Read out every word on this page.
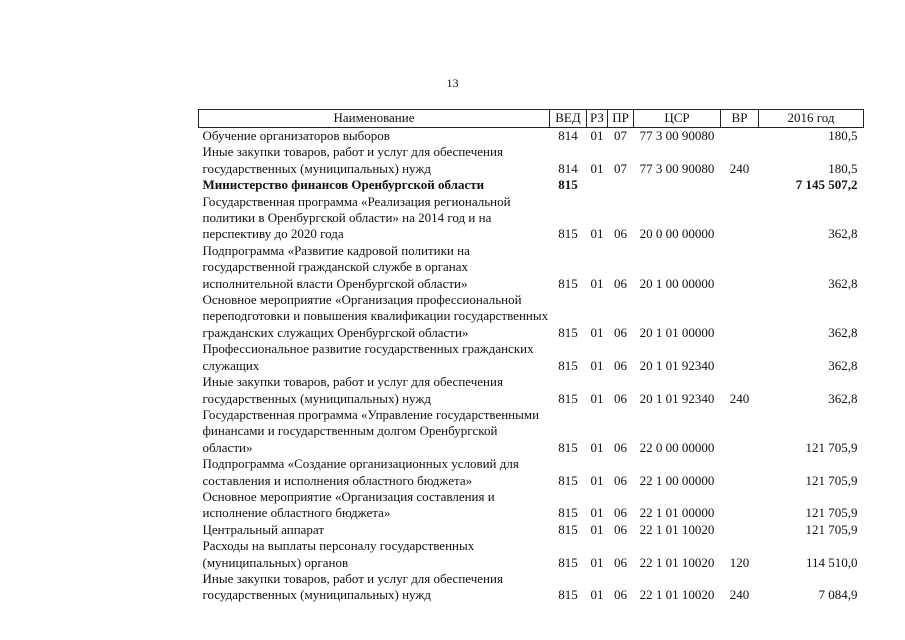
13
Наименование	ВЕД	РЗ	ПР	ЦСР	ВР	2016 год
Обучение организаторов выборов	814	01	07	77 3 00 90080		180,5
Иные закупки товаров, работ и услуг для обеспечения государственных (муниципальных) нужд	814	01	07	77 3 00 90080	240	180,5
Министерство финансов Оренбургской области	815					7 145 507,2
Государственная программа «Реализация региональной политики в Оренбургской области» на 2014 год и на перспективу до 2020 года	815	01	06	20 0 00 00000		362,8
Подпрограмма «Развитие кадровой политики на государственной гражданской службе в органах исполнительной власти Оренбургской области»	815	01	06	20 1 00 00000		362,8
Основное мероприятие «Организация профессиональной переподготовки и повышения квалификации государственных гражданских служащих Оренбургской области»	815	01	06	20 1 01 00000		362,8
Профессиональное развитие государственных гражданских служащих	815	01	06	20 1 01 92340		362,8
Иные закупки товаров, работ и услуг для обеспечения государственных (муниципальных) нужд	815	01	06	20 1 01 92340	240	362,8
Государственная программа «Управление государственными финансами и государственным долгом Оренбургской области»	815	01	06	22 0 00 00000		121 705,9
Подпрограмма «Создание организационных условий для составления и исполнения областного бюджета»	815	01	06	22 1 00 00000		121 705,9
Основное мероприятие «Организация составления и исполнение областного бюджета»	815	01	06	22 1 01 00000		121 705,9
Центральный аппарат	815	01	06	22 1 01 10020		121 705,9
Расходы на выплаты персоналу государственных (муниципальных) органов	815	01	06	22 1 01 10020	120	114 510,0
Иные закупки товаров, работ и услуг для обеспечения государственных (муниципальных) нужд	815	01	06	22 1 01 10020	240	7 084,9
